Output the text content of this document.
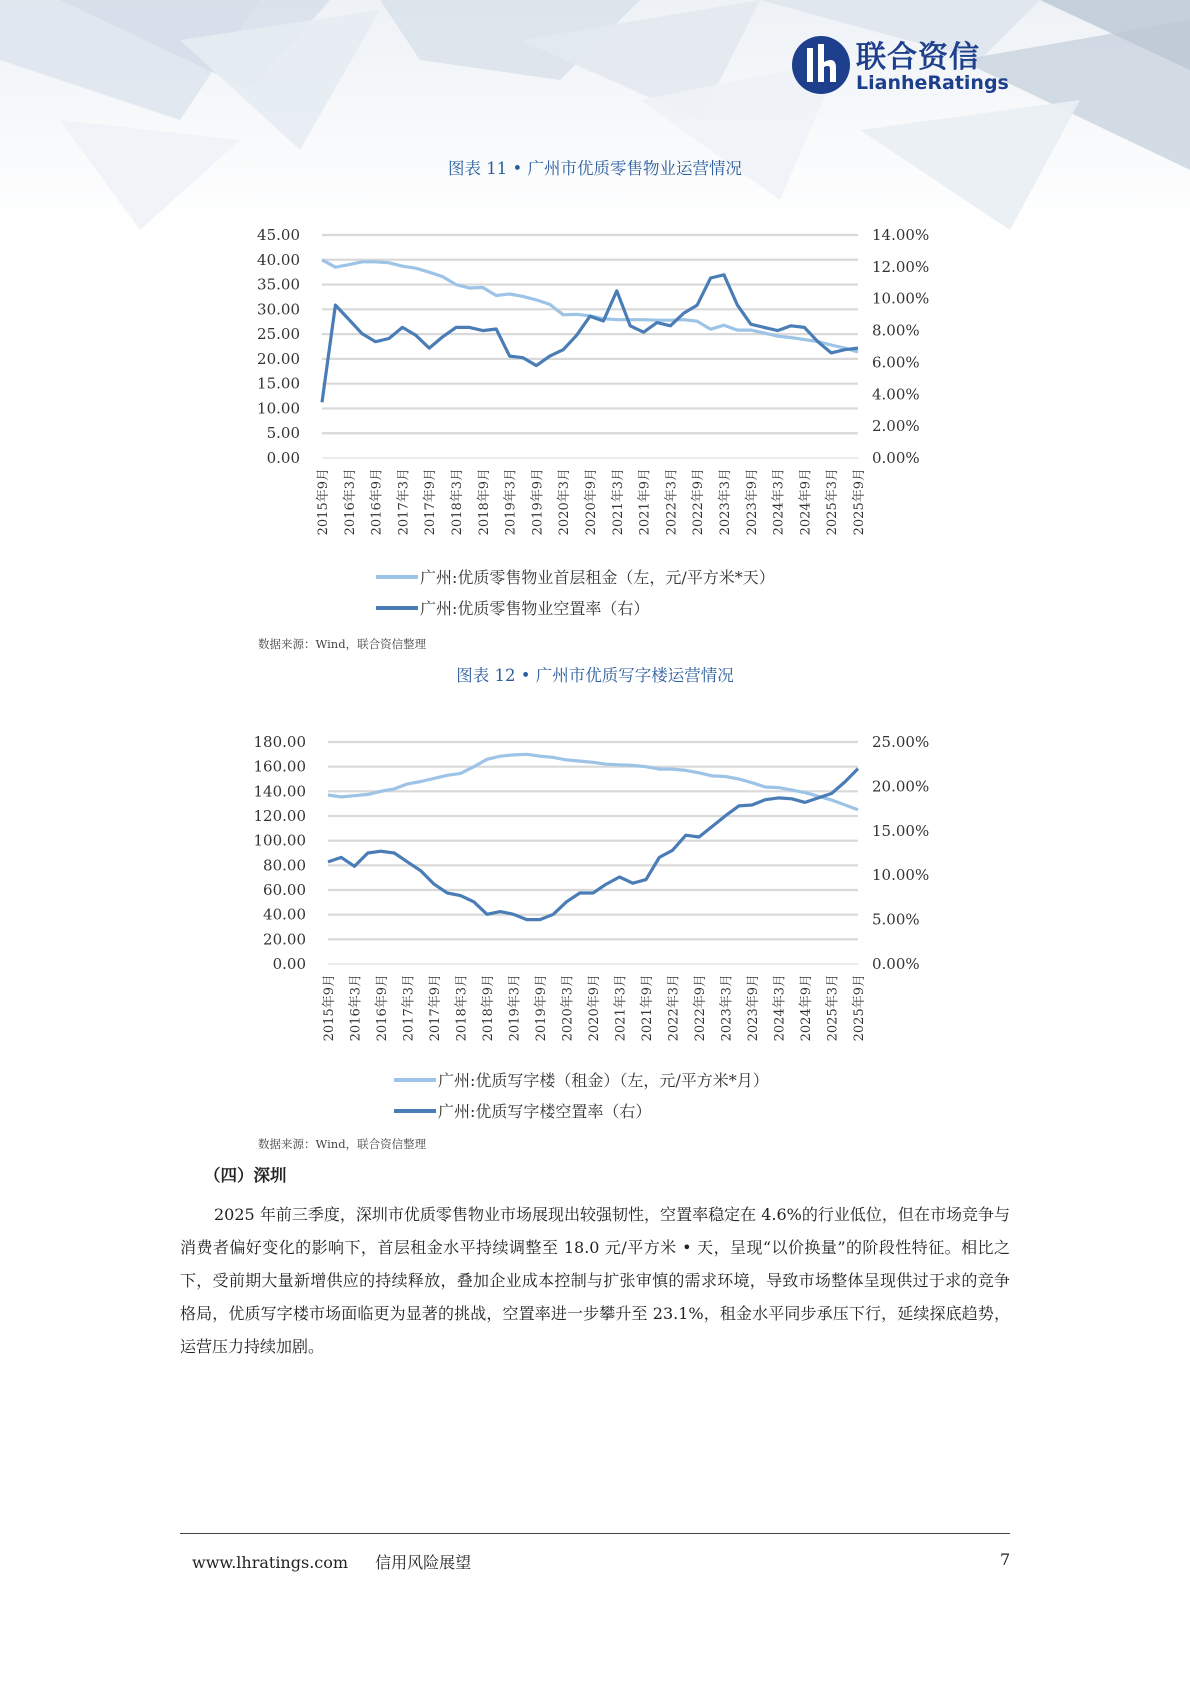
联合资信
LianheRatings
图表 11 • 广州市优质零售物业运营情况
0.00
5.00
10.00
15.00
20.00
25.00
30.00
35.00
40.00
45.00
0.00%
2.00%
4.00%
6.00%
8.00%
10.00%
12.00%
14.00%
2015年9月 2016年3月 2016年9月 2017年3月 2017年9月 2018年3月 2018年9月 2019年3月 2019年9月 2020年3月 2020年9月 2021年3月 2021年9月 2022年3月 2022年9月 2023年3月 2023年9月 2024年3月 2024年9月 2025年3月 2025年9月
广州:优质零售物业首层租金（左，元/平方米*天）
广州:优质零售物业空置率（右）
数据来源：Wind，联合资信整理
图表 12 • 广州市优质写字楼运营情况
0.00
20.00
40.00
60.00
80.00
100.00
120.00
140.00
160.00
180.00
0.00%
5.00%
10.00%
15.00%
20.00%
25.00%
2015年9月 2016年3月 2016年9月 2017年3月 2017年9月 2018年3月 2018年9月 2019年3月 2019年9月 2020年3月 2020年9月 2021年3月 2021年9月 2022年3月 2022年9月 2023年3月 2023年9月 2024年3月 2024年9月 2025年3月 2025年9月
广州:优质写字楼（租金）（左，元/平方米*月）
广州:优质写字楼空置率（右）
数据来源：Wind，联合资信整理
（四）深圳

2025 年前三季度，深圳市优质零售物业市场展现出较强韧性，空置率稳定在 4.6%的行业低位，但在市场竞争与消费者偏好变化的影响下，首层租金水平持续调整至 18.0 元/平方米 • 天，呈现“以价换量”的阶段性特征。相比之下，受前期大量新增供应的持续释放，叠加企业成本控制与扩张审慎的需求环境，导致市场整体呈现供过于求的竞争格局，优质写字楼市场面临更为显著的挑战，空置率进一步攀升至 23.1%，租金水平同步承压下行，延续探底趋势，运营压力持续加剧。

www.lhratings.com 信用风险展望	7
